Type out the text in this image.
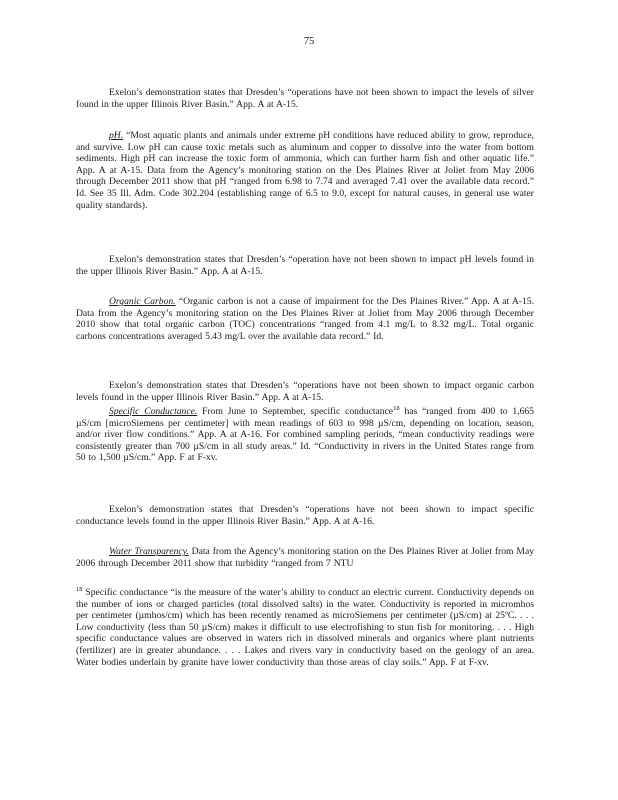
75
Exelon’s demonstration states that Dresden’s “operations have not been shown to impact the levels of silver found in the upper Illinois River Basin.” App. A at A-15.
pH. “Most aquatic plants and animals under extreme pH conditions have reduced ability to grow, reproduce, and survive. Low pH can cause toxic metals such as aluminum and copper to dissolve into the water from bottom sediments. High pH can increase the toxic form of ammonia, which can further harm fish and other aquatic life.” App. A at A-15. Data from the Agency’s monitoring station on the Des Plaines River at Joliet from May 2006 through December 2011 show that pH “ranged from 6.98 to 7.74 and averaged 7.41 over the available data record.” Id. See 35 Ill. Adm. Code 302.204 (establishing range of 6.5 to 9.0, except for natural causes, in general use water quality standards).
Exelon’s demonstration states that Dresden’s “operation have not been shown to impact pH levels found in the upper Illinois River Basin.” App. A at A-15.
Organic Carbon. “Organic carbon is not a cause of impairment for the Des Plaines River.” App. A at A-15. Data from the Agency’s monitoring station on the Des Plaines River at Joliet from May 2006 through December 2010 show that total organic carbon (TOC) concentrations “ranged from 4.1 mg/L to 8.32 mg/L. Total organic carbons concentrations averaged 5.43 mg/L over the available data record.” Id.
Exelon’s demonstration states that Dresden’s “operations have not been shown to impact organic carbon levels found in the upper Illinois River Basin.” App. A at A-15.
Specific Conductance. From June to September, specific conductance$^{18}$ has “ranged from 400 to 1,665 µS/cm [microSiemens per centimeter] with mean readings of 603 to 998 µS/cm, depending on location, season, and/or river flow conditions.” App. A at A-16. For combined sampling periods, “mean conductivity readings were consistently greater than 700 µS/cm in all study areas.” Id. “Conductivity in rivers in the United States range from 50 to 1,500 µS/cm.” App. F at F-xv.
Exelon’s demonstration states that Dresden’s “operations have not been shown to impact specific conductance levels found in the upper Illinois River Basin.” App. A at A-16.
Water Transparency. Data from the Agency’s monitoring station on the Des Plaines River at Joliet from May 2006 through December 2011 show that turbidity “ranged from 7 NTU
$^{18}$ Specific conductance “is the measure of the water’s ability to conduct an electric current. Conductivity depends on the number of ions or charged particles (total dissolved salts) in the water. Conductivity is reported in micromhos per centimeter (µmhos/cm) which has been recently renamed as microSiemens per centimeter (µS/cm) at 25ºC. . . . Low conductivity (less than 50 µS/cm) makes it difficult to use electrofishing to stun fish for monitoring. . . . High specific conductance values are observed in waters rich in dissolved minerals and organics where plant nutrients (fertilizer) are in greater abundance. . . . Lakes and rivers vary in conductivity based on the geology of an area. Water bodies underlain by granite have lower conductivity than those areas of clay soils.” App. F at F-xv.
